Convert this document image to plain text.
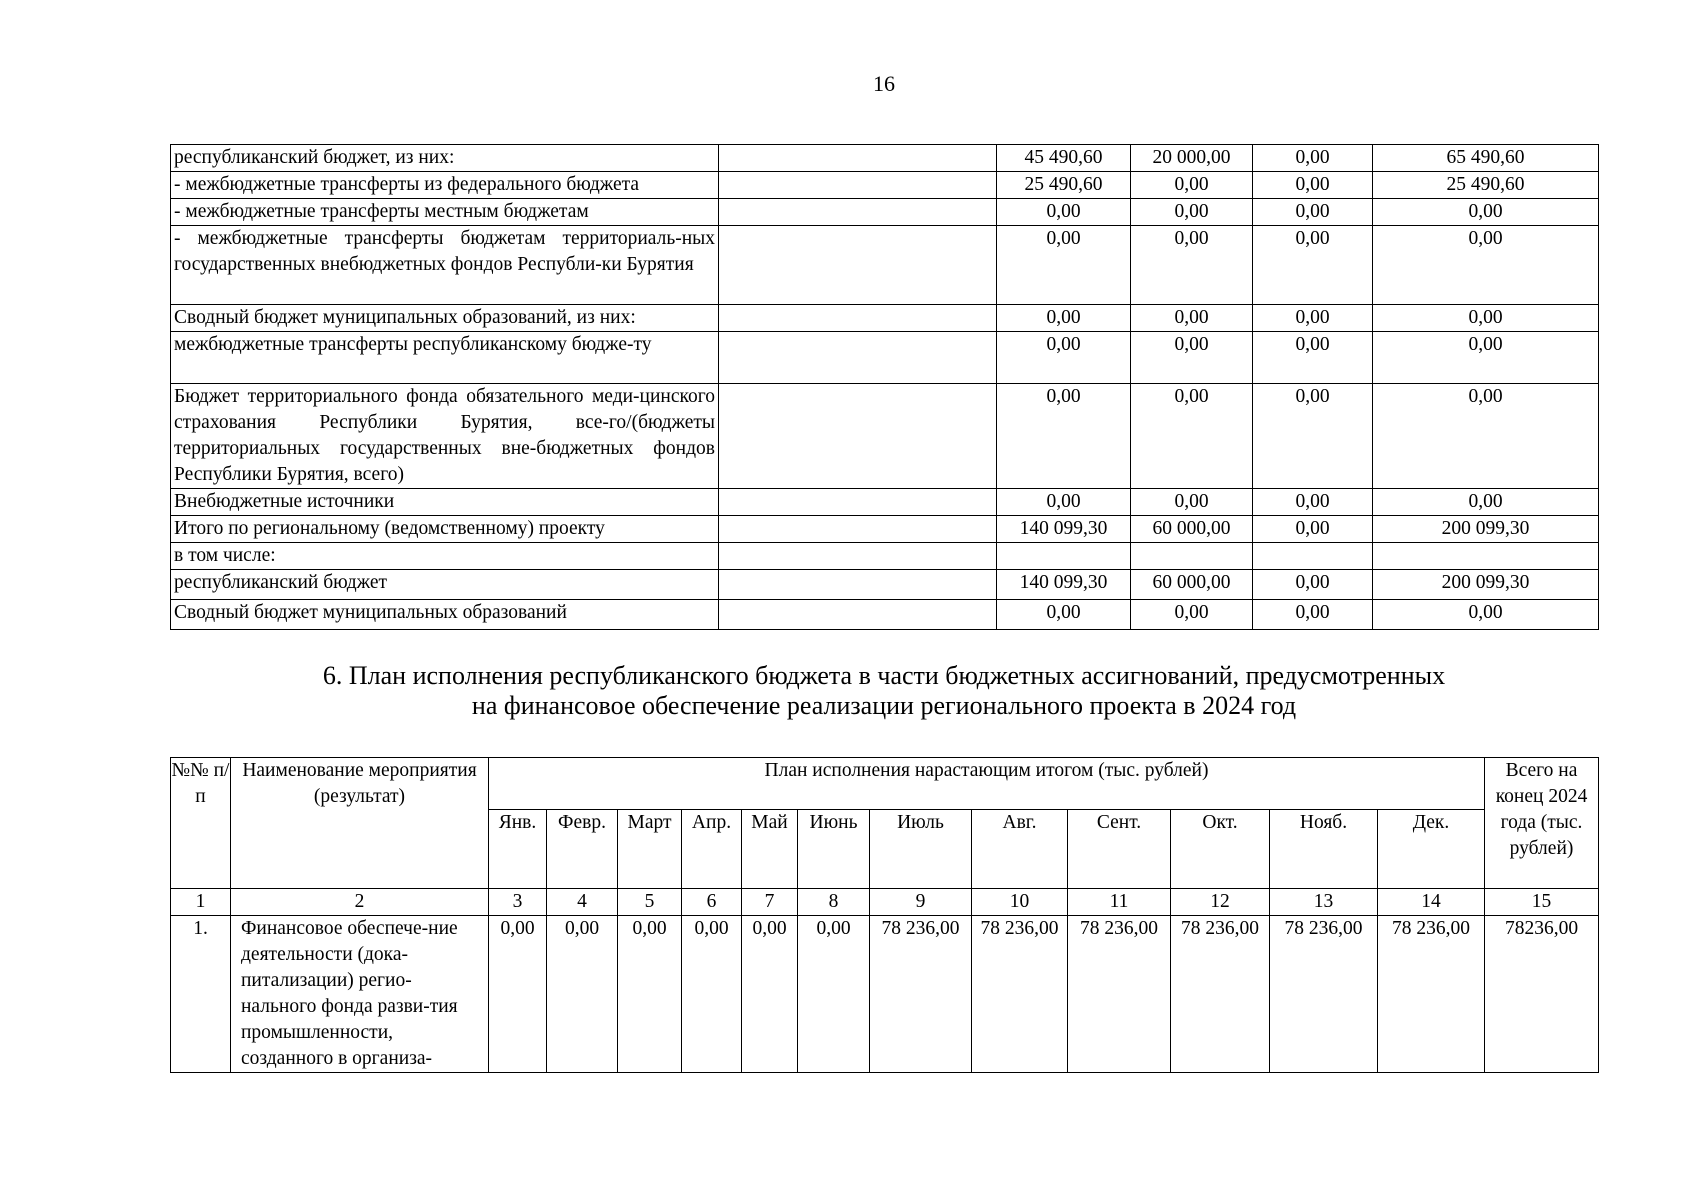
16
республиканский бюджет, из них:		45 490,60	20 000,00	0,00	65 490,60
- межбюджетные трансферты из федерального бюджета		25 490,60	0,00	0,00	25 490,60
- межбюджетные трансферты местным бюджетам		0,00	0,00	0,00	0,00
- межбюджетные трансферты бюджетам территориаль-ных государственных внебюджетных фондов Республи-ки Бурятия		0,00	0,00	0,00	0,00
Сводный бюджет муниципальных образований, из них:		0,00	0,00	0,00	0,00
межбюджетные трансферты республиканскому бюдже-ту		0,00	0,00	0,00	0,00
Бюджет территориального фонда обязательного меди-цинского страхования Республики Бурятия, все-го/(бюджеты территориальных государственных вне-бюджетных фондов Республики Бурятия, всего)		0,00	0,00	0,00	0,00
Внебюджетные источники		0,00	0,00	0,00	0,00
Итого по региональному (ведомственному) проекту		140 099,30	60 000,00	0,00	200 099,30
в том числе:					
республиканский бюджет		140 099,30	60 000,00	0,00	200 099,30
Сводный бюджет муниципальных образований		0,00	0,00	0,00	0,00
6. План исполнения республиканского бюджета в части бюджетных ассигнований, предусмотренных
на финансовое обеспечение реализации регионального проекта в 2024 год
№№ п/п	Наименование мероприятия (результат)	План исполнения нарастающим итогом (тыс. рублей)												Всего на конец 2024 года (тыс. рублей)
		Янв.	Февр.	Март	Апр.	Май	Июнь	Июль	Авг.	Сент.	Окт.	Нояб.	Дек.	
1	2	3	4	5	6	7	8	9	10	11	12	13	14	15
1.	Финансовое обеспече-ние деятельности (дока-питализации) регио-нального фонда разви-тия промышленности, созданного в организа-	0,00	0,00	0,00	0,00	0,00	0,00	78 236,00	78 236,00	78 236,00	78 236,00	78 236,00	78 236,00	78236,00
